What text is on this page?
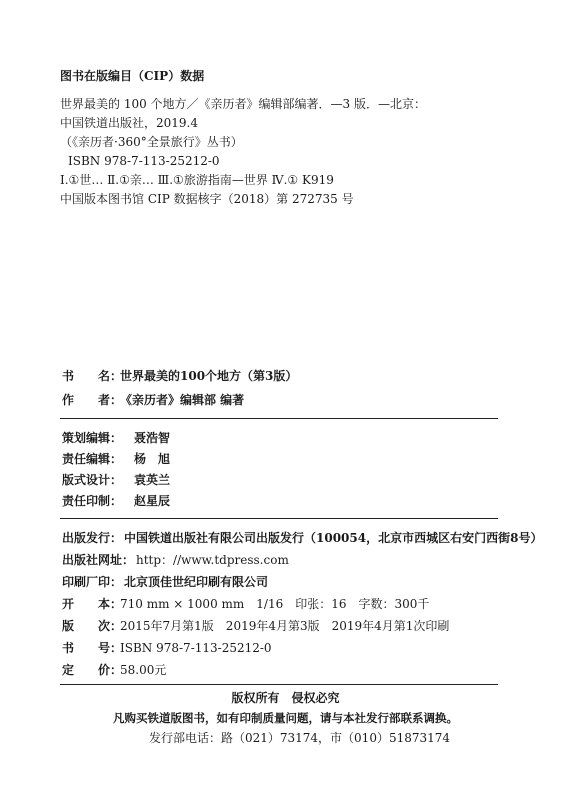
图书在版编目（CIP）数据
世界最美的 100 个地方／《亲历者》编辑部编著．—3 版．—北京：
中国铁道出版社，2019.4
（《亲历者·360°全景旅行》丛书）
ISBN 978-7-113-25212-0
Ⅰ.①世… Ⅱ.①亲… Ⅲ.①旅游指南—世界 Ⅳ.① K919
中国版本图书馆 CIP 数据核字（2018）第 272735 号
书　　名：
世界最美的100个地方（第3版）
作　　者：
《亲历者》编辑部 编著
策划编辑： 聂浩智
责任编辑： 杨　旭
版式设计： 袁英兰
责任印制： 赵星辰
出版发行： 中国铁道出版社有限公司出版发行（100054，北京市西城区右安门西街8号）
出版社网址： http：//www.tdpress.com
印刷厂印： 北京顶佳世纪印刷有限公司
开　　本：
710 mm × 1000 mm　1/16　印张：16　字数：300千
版　　次：
2015年7月第1版　2019年4月第3版　2019年4月第1次印刷
书　　号：
ISBN 978-7-113-25212-0
定　　价：
58.00元
版权所有　侵权必究
凡购买铁道版图书，如有印制质量问题，请与本社发行部联系调换。
发行部电话：路（021）73174，市（010）51873174
